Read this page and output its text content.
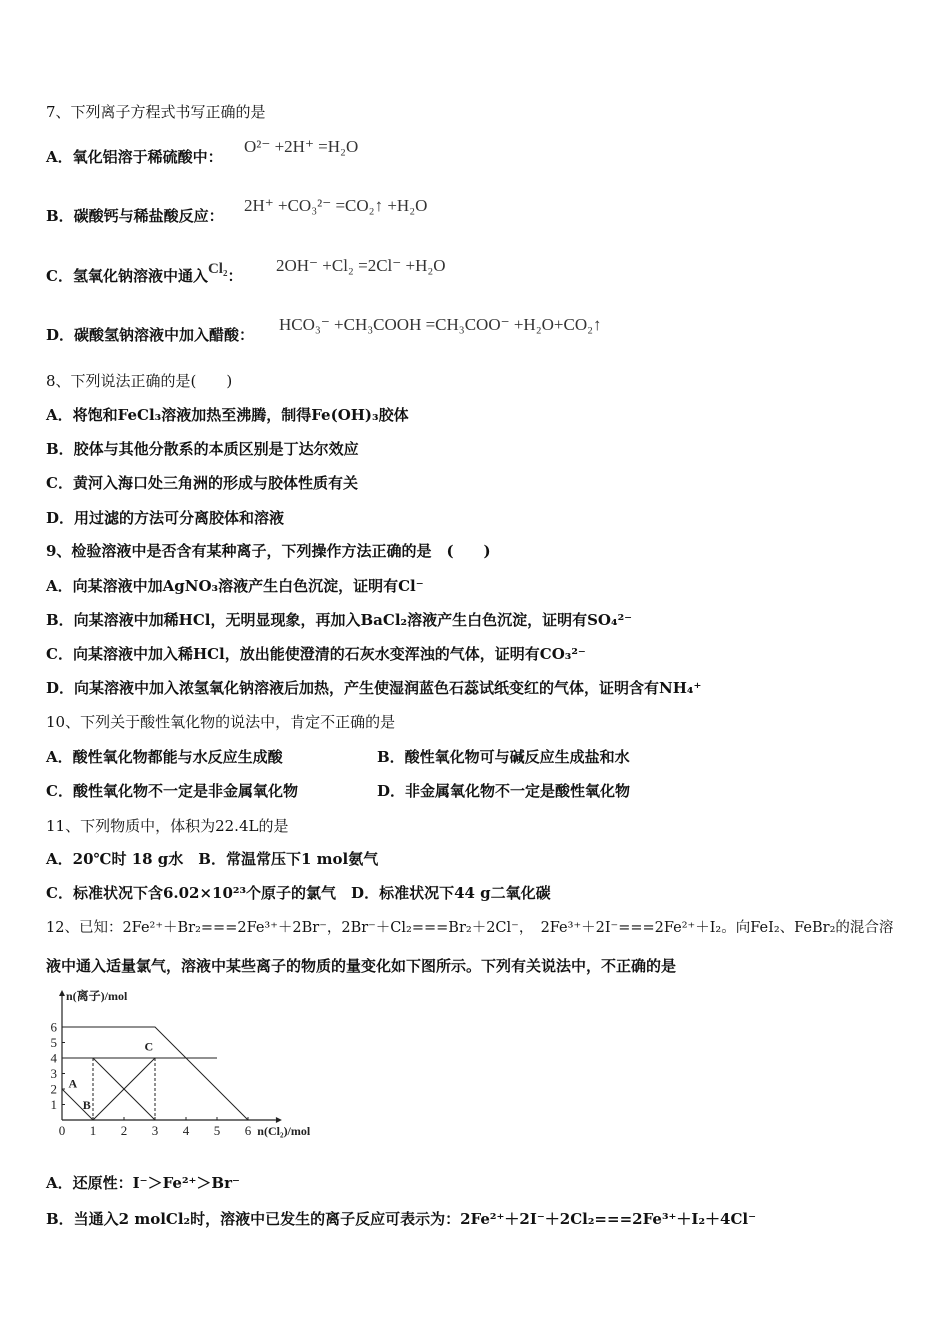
7、下列离子方程式书写正确的是
A．氧化铝溶于稀硫酸中：
O²⁻ +2H⁺ =H₂O
B．碳酸钙与稀盐酸反应：
2H⁺ +CO₃²⁻ =CO₂↑ +H₂O
C．氢氧化钠溶液中通入Cl₂：
2OH⁻ +Cl₂ =2Cl⁻ +H₂O
D．碳酸氢钠溶液中加入醋酸：
HCO₃⁻ +CH₃COOH =CH₃COO⁻ +H₂O+CO₂↑
8、下列说法正确的是(　　)
A．将饱和FeCl₃溶液加热至沸腾，制得Fe(OH)₃胶体
B．胶体与其他分散系的本质区别是丁达尔效应
C．黄河入海口处三角洲的形成与胶体性质有关
D．用过滤的方法可分离胶体和溶液
9、检验溶液中是否含有某种离子，下列操作方法正确的是　(　　)
A．向某溶液中加AgNO₃溶液产生白色沉淀，证明有Cl⁻
B．向某溶液中加稀HCl，无明显现象，再加入BaCl₂溶液产生白色沉淀，证明有SO₄²⁻
C．向某溶液中加入稀HCl，放出能使澄清的石灰水变浑浊的气体，证明有CO₃²⁻
D．向某溶液中加入浓氢氧化钠溶液后加热，产生使湿润蓝色石蕊试纸变红的气体，证明含有NH₄⁺
10、下列关于酸性氧化物的说法中，肯定不正确的是
A．酸性氧化物都能与水反应生成酸	B．酸性氧化物可与碱反应生成盐和水
C．酸性氧化物不一定是非金属氧化物	D．非金属氧化物不一定是酸性氧化物
11、下列物质中，体积为22.4L的是
A．20℃时 18 g水　B．常温常压下1 mol氨气
C．标准状况下含6.02×10²³个原子的氯气　D．标准状况下44 g二氧化碳
12、已知：2Fe²⁺＋Br₂===2Fe³⁺＋2Br⁻，2Br⁻＋Cl₂===Br₂＋2Cl⁻，　2Fe³⁺＋2I⁻===2Fe²⁺＋I₂。向FeI₂、FeBr₂的混合溶
液中通入适量氯气，溶液中某些离子的物质的量变化如下图所示。下列有关说法中，不正确的是
0 1 2 3 4 5 6
1
2
3
4
5
6
n(离子)/mol
n(Cl₂)/mol
A
B
C
A．还原性：I⁻＞Fe²⁺＞Br⁻
B．当通入2 molCl₂时，溶液中已发生的离子反应可表示为：2Fe²⁺＋2I⁻＋2Cl₂===2Fe³⁺＋I₂＋4Cl⁻
